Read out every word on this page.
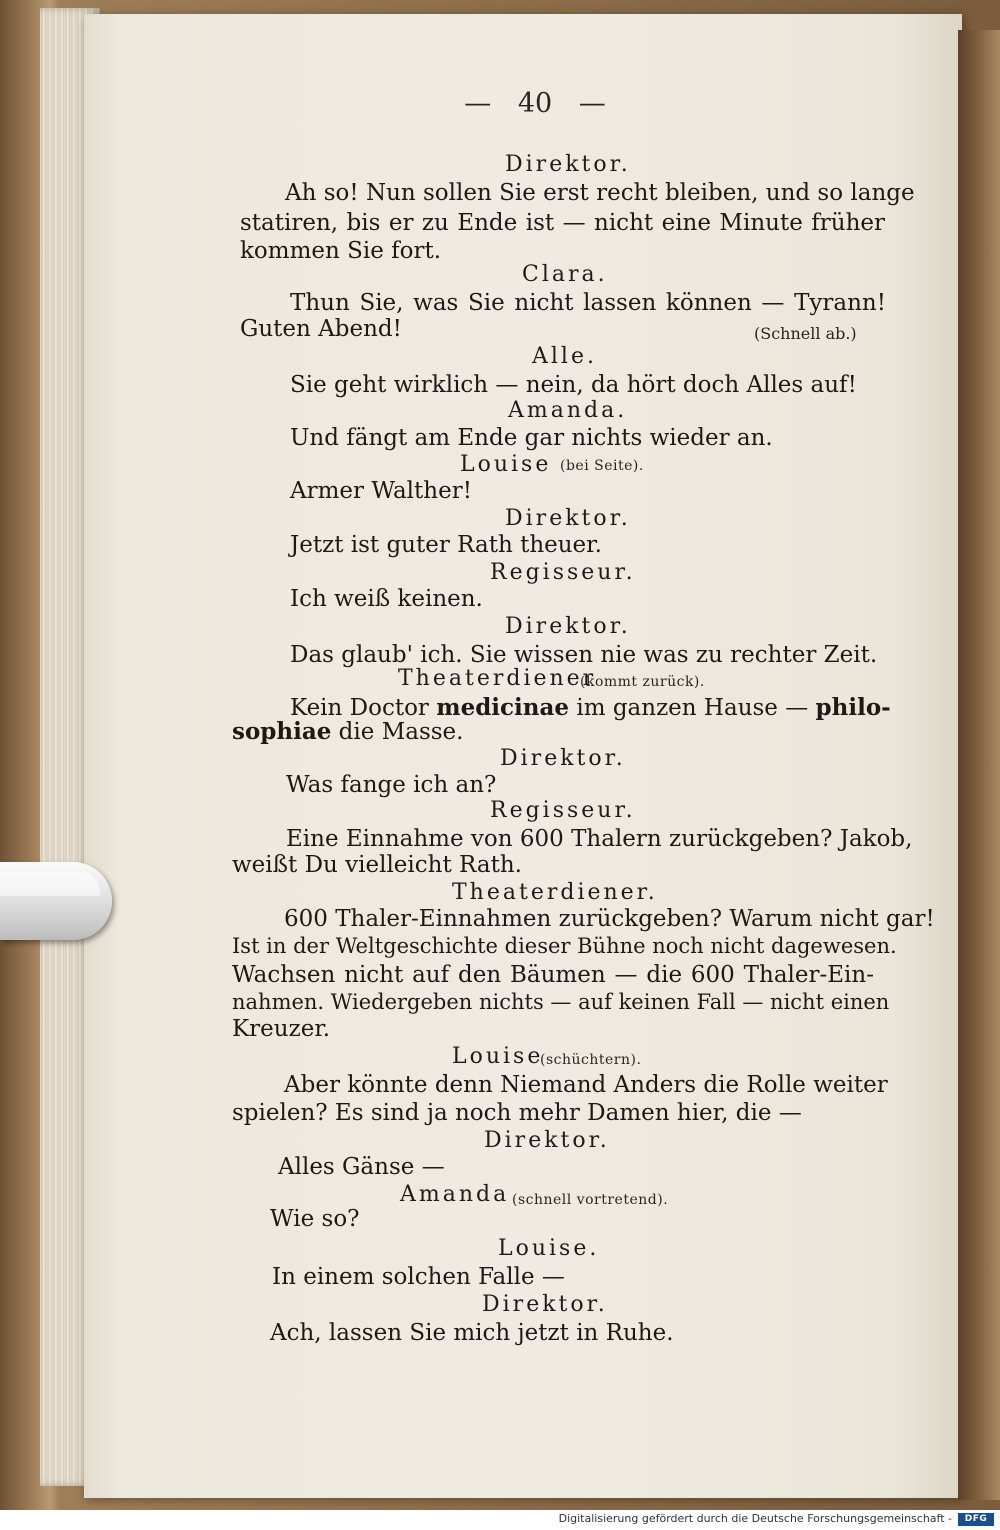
— 40 —
Direktor.
Ah so! Nun sollen Sie erst recht bleiben, und so lange
statiren, bis er zu Ende ist — nicht eine Minute früher
kommen Sie fort.
Clara.
Thun Sie, was Sie nicht lassen können — Tyrann!
Guten Abend!	(Schnell ab.)
Alle.
Sie geht wirklich — nein, da hört doch Alles auf!
Amanda.
Und fängt am Ende gar nichts wieder an.
Louise (bei Seite).
Armer Walther!
Direktor.
Jetzt ist guter Rath theuer.
Regisseur.
Ich weiß keinen.
Direktor.
Das glaub' ich. Sie wissen nie was zu rechter Zeit.
Theaterdiener
(kommt zurück).
Kein Doctor medicinae im ganzen Hause — philo-
sophiae die Masse.
Direktor.
Was fange ich an?
Regisseur.
Eine Einnahme von 600 Thalern zurückgeben? Jakob,
weißt Du vielleicht Rath.
Theaterdiener.
600 Thaler-Einnahmen zurückgeben? Warum nicht gar!
Ist in der Weltgeschichte dieser Bühne noch nicht dagewesen.
Wachsen nicht auf den Bäumen — die 600 Thaler-Ein-
nahmen. Wiedergeben nichts — auf keinen Fall — nicht einen
Kreuzer.
Louise
(schüchtern).
Aber könnte denn Niemand Anders die Rolle weiter
spielen? Es sind ja noch mehr Damen hier, die —
Direktor.
Alles Gänse —
Amanda (schnell vortretend).
Wie so?
Louise.
In einem solchen Falle —
Direktor.
Ach, lassen Sie mich jetzt in Ruhe.
Digitalisierung gefördert durch die Deutsche Forschungsgemeinschaft -	DFG
